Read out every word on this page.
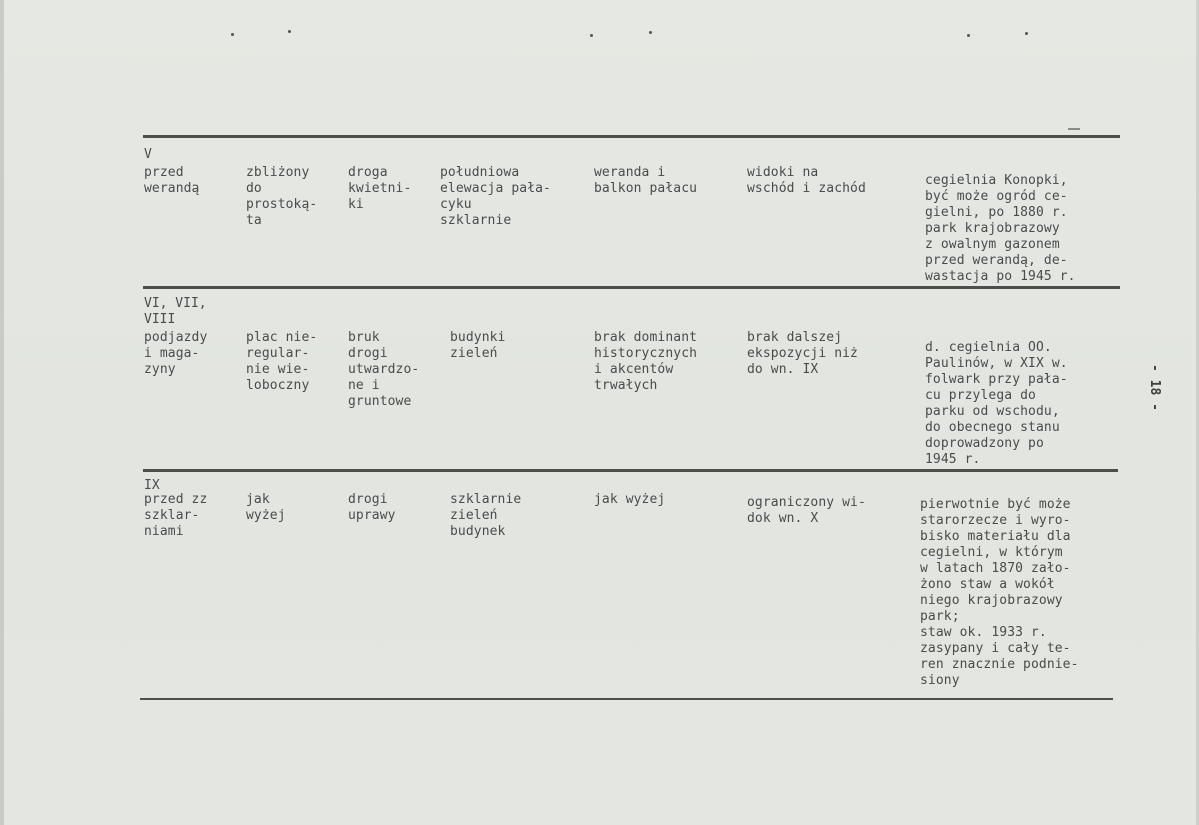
V
przed
werandą
zbliżony
do
prostoką-
ta
droga
kwietni-
ki
południowa
elewacja pała-
cyku
szklarnie
weranda i
balkon pałacu
widoki na
wschód i zachód
cegielnia Konopki,
być może ogród ce-
gielni, po 1880 r.
park krajobrazowy
z owalnym gazonem
przed werandą, de-
wastacja po 1945 r.
VI, VII,
VIII
podjazdy
i maga-
zyny
plac nie-
regular-
nie wie-
loboczny
bruk
drogi
utwardzo-
ne i
gruntowe
budynki
zieleń
brak dominant
historycznych
i akcentów
trwałych
brak dalszej
ekspozycji niż
do wn. IX
d. cegielnia OO.
Paulinów, w XIX w.
folwark przy pała-
cu przylega do
parku od wschodu,
do obecnego stanu
doprowadzony po
1945 r.
IX
przed zz
szklar-
niami
jak
wyżej
drogi
uprawy
szklarnie
zieleń
budynek
jak wyżej	ograniczony wi-
dok wn. X
pierwotnie być może
starorzecze i wyro-
bisko materiału dla
cegielni, w którym
w latach 1870 zało-
żono staw a wokół
niego krajobrazowy
park;
staw ok. 1933 r.
zasypany i cały te-
ren znacznie podnie-
siony
- 18 -
